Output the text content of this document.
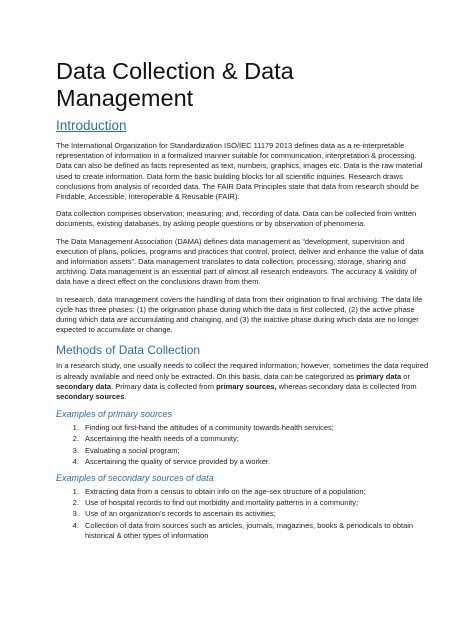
Data Collection & Data Management
Introduction

The International Organization for Standardization ISO/IEC 11179 2013 defines data as a re-interpretable representation of information in a formalized manner suitable for communication, interpretation & processing. Data can also be defined as facts represented as text, numbers, graphics, images etc. Data is the raw material used to create information. Data form the basic building blocks for all scientific inquiries. Research draws conclusions from analysis of recorded data. The FAIR Data Principles state that data from research should be Findable, Accessible, Interoperable & Reusable (FAIR).

Data collection comprises observation; measuring; and, recording of data. Data can be collected from written documents, existing databases, by asking people questions or by observation of phenomena.

The Data Management Association (DAMA) defines data management as “development, supervision and execution of plans, policies, programs and practices that control, protect, deliver and enhance the value of data and information assets”. Data management translates to data collection, processing, storage, sharing and archiving. Data management is an essential part of almost all research endeavors. The accuracy & validity of data have a direct effect on the conclusions drawn from them.

In research, data management covers the handling of data from their origination to final archiving. The data life cycle has three phases: (1) the origination phase during which the data is first collected, (2) the active phase during which data are accumulating and changing, and (3) the inactive phase during which data are no longer expected to accumulate or change.

Methods of Data Collection

In a research study, one usually needs to collect the required information; however, sometimes the data required is already available and need only be extracted. On this basis, data can be categorized as primary data or secondary data. Primary data is collected from primary sources, whereas secondary data is collected from secondary sources.

Examples of primary sources
1. Finding out first-hand the attitudes of a community towards health services;
2. Ascertaining the health needs of a community;
3. Evaluating a social program;
4. Ascertaining the quality of service provided by a worker.
Examples of secondary sources of data
1. Extracting data from a census to obtain info on the age-sex structure of a population;
2. Use of hospital records to find out morbidity and mortality patterns in a community;
3. Use of an organization’s records to ascertain its activities;
4. Collection of data from sources such as articles, journals, magazines, books & periodicals to obtain historical & other types of information
